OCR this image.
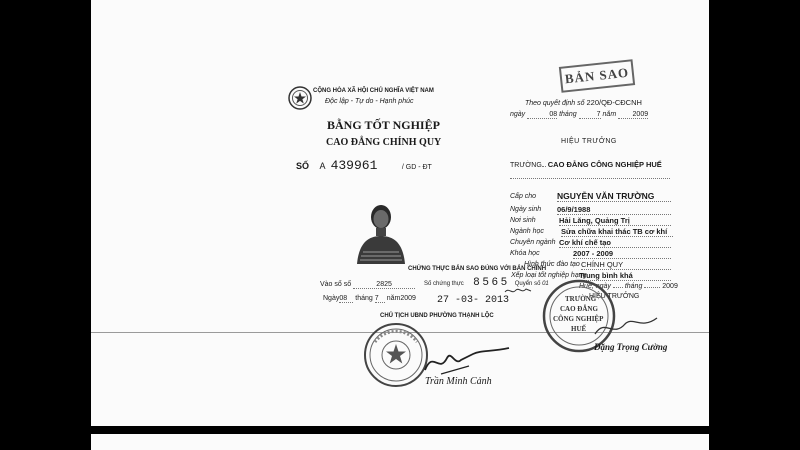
CỘNG HÒA XÃ HỘI CHỦ NGHĨA VIỆT NAM
Độc lập - Tự do - Hạnh phúc
BẰNG TỐT NGHIỆP
CAO ĐẲNG CHÍNH QUY
SỐ A 439961	/ GD - ĐT
Vào sổ số	2825
Ngày08 tháng 7 năm2009
CHỨNG THỰC BẢN SAO ĐÚNG VỚI BẢN CHÍNH
Số chứng thực 8 5 6 5 Quyển số 01
27 -03- 2013
CHỦ TỊCH UBND PHƯỜNG THẠNH LỘC
Trần Minh Cảnh
BẢN SAO
Theo quyết định số 220/QĐ-CĐCNH
ngày	08 tháng	7 năm 2009
HIỆU TRƯỞNG
TRƯỜNG CAO ĐẲNG CÔNG NGHIỆP HUẾ
Cấp cho NGUYỄN VĂN TRƯỜNG
Ngày sinh 06/9/1988
Nơi sinh	Hải Lăng, Quảng Trị
Ngành học Sửa chữa khai thác TB cơ khí
Chuyên ngành Cơ khí chế tạo
Khóa học	2007 - 2009
Hình thức đào tạo CHÍNH QUY
Xếp loại tốt nghiệp hạng
Trung bình khá
Huế, ngày tháng	2009
HIỆU TRƯỞNG
TRƯỜNG
CAO ĐẲNG
CÔNG NGHIỆP
HUẾ
Đặng Trọng Cường
